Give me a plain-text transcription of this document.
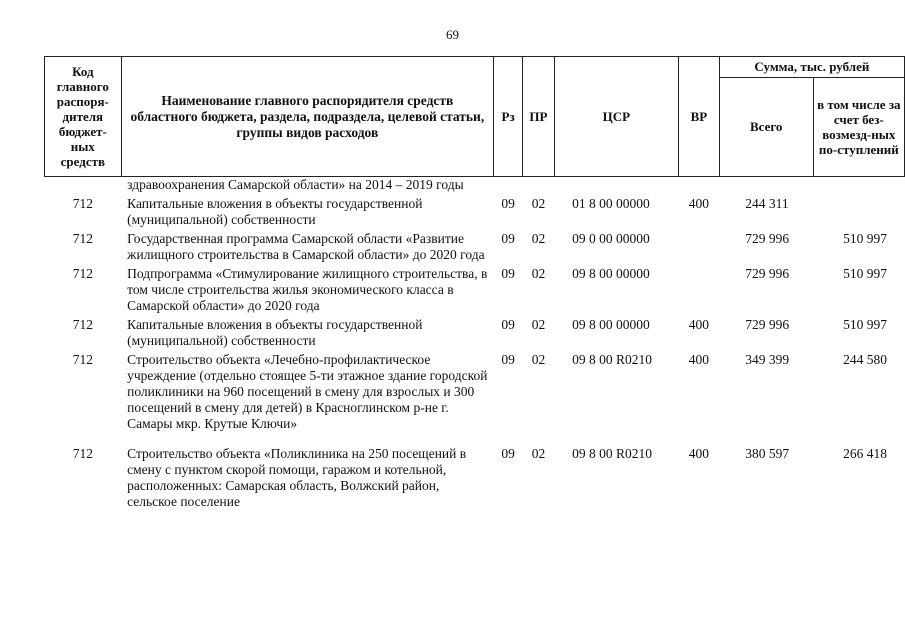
69
Код главного распоря-дителя бюджет-ных средств	Наименование главного распорядителя средств областного бюджета, раздела, подраздела, целевой статьи, группы видов расходов	Рз	ПР	ЦСР	ВР	Сумма, тыс. рублей	
						Всего	в том числе за счет без-возмезд-ных по-ступлений
	здравоохранения Самарской области» на 2014 – 2019 годы						
712	Капитальные вложения в объекты государственной (муниципальной) собственности	09	02	01 8 00 00000	400	244 311	
712	Государственная программа Самарской области «Развитие жилищного строительства в Самарской области» до 2020 года	09	02	09 0 00 00000		729 996	510 997
712	Подпрограмма «Стимулирование жилищного строительства, в том числе строительства жилья экономического класса в Самарской области» до 2020 года	09	02	09 8 00 00000		729 996	510 997
712	Капитальные вложения в объекты государственной (муниципальной) собственности	09	02	09 8 00 00000	400	729 996	510 997
712	Строительство объекта «Лечебно-профилактическое учреждение (отдельно стоящее 5-ти этажное здание городской поликлиники на 960 посещений в смену для взрослых и 300 посещений в смену для детей) в Красноглинском р-не г. Самары мкр. Крутые Ключи»	09	02	09 8 00 R0210	400	349 399	244 580
712	Строительство объекта «Поликлиника на 250 посещений в смену с пунктом скорой помощи, гаражом и котельной, расположенных: Самарская область, Волжский район, сельское поселение	09	02	09 8 00 R0210	400	380 597	266 418
